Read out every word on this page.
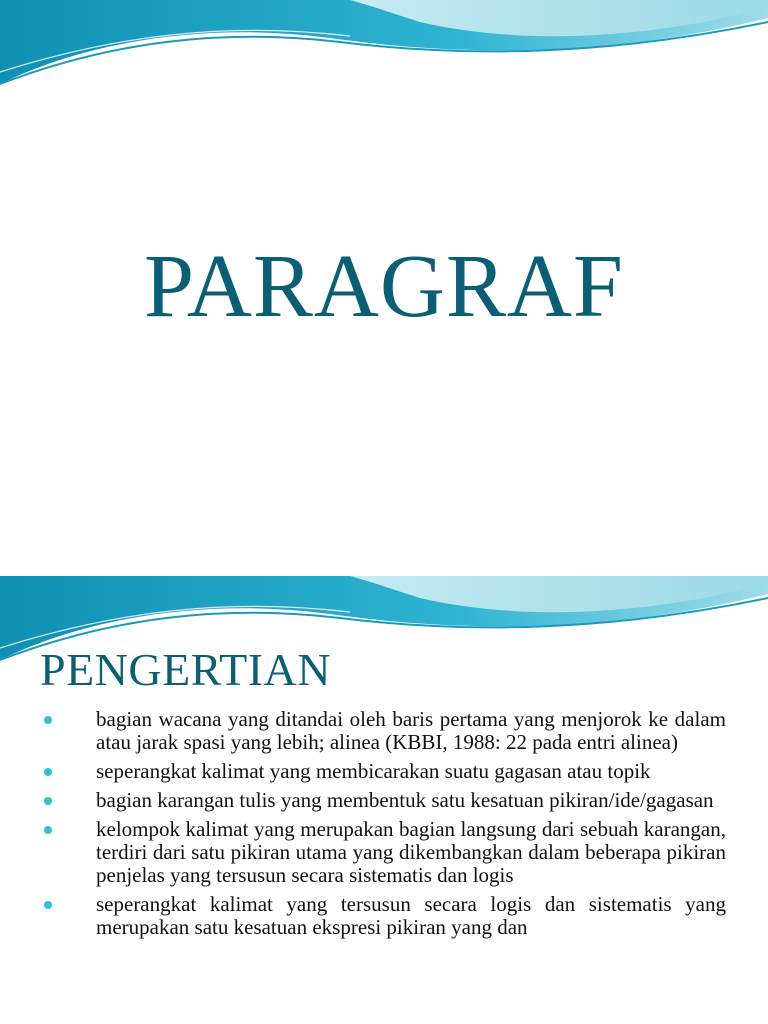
PARAGRAF
PENGERTIAN
bagian wacana yang ditandai oleh baris pertama yang menjorok ke dalam atau jarak spasi yang lebih; alinea (KBBI, 1988: 22 pada entri alinea)
seperangkat kalimat yang membicarakan suatu gagasan atau topik
bagian karangan tulis yang membentuk satu kesatuan pikiran/ide/gagasan
kelompok kalimat yang merupakan bagian langsung dari sebuah karangan, terdiri dari satu pikiran utama yang dikembangkan dalam beberapa pikiran penjelas yang tersusun secara sistematis dan logis
seperangkat kalimat yang tersusun secara logis dan sistematis yang merupakan satu kesatuan ekspresi pikiran yang dan
